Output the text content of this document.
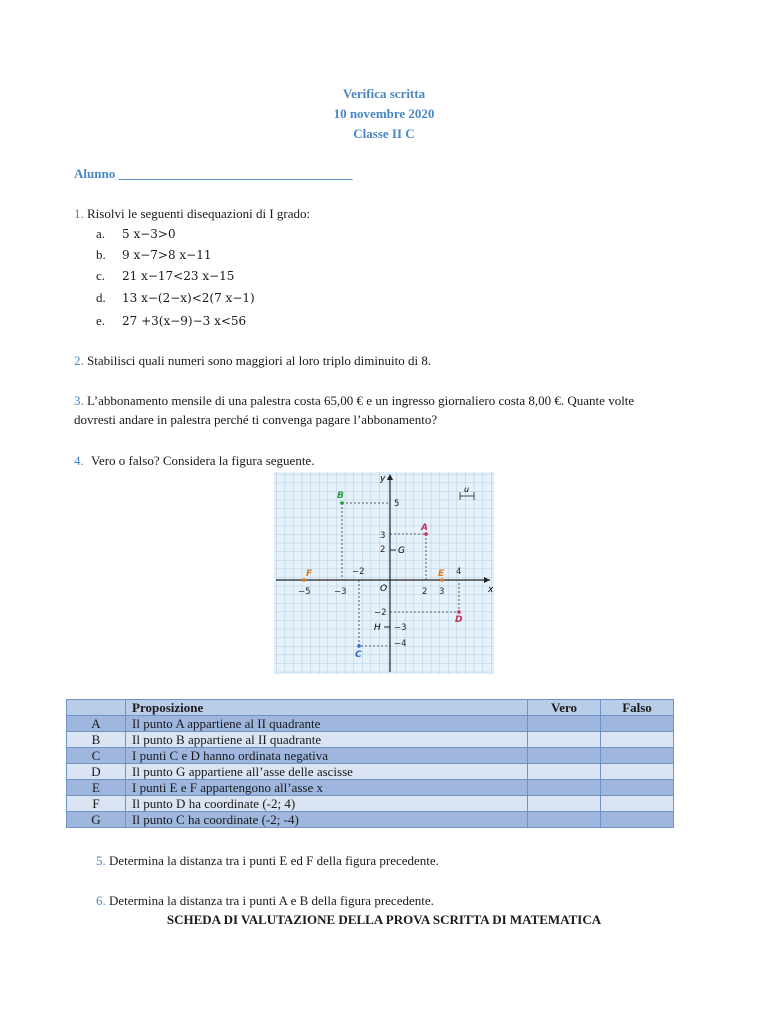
Verifica scritta
10 novembre 2020
Classe II C
Alunno ____________________________________
1. Risolvi le seguenti disequazioni di I grado:
a. 5 x−3>0
b. 9 x−7>8 x−11
c. 21 x−17<23 x−15
d. 13 x−(2−x)<2(7 x−1)
e. 27 +3(x−9)−3 x<56
2. Stabilisci quali numeri sono maggiori al loro triplo diminuito di 8.
3. L’abbonamento mensile di una palestra costa 65,00 € e un ingresso giornaliero costa 8,00 €. Quante volte
dovresti andare in palestra perché ti convenga pagare l’abbonamento?
4. Vero o falso? Considera la figura seguente.
x
y
O
u
5
3
2
2 3
4
−2
−3
−5
−2
−3
−4
A
B
C
D
E
F
G
H
	Proposizione	Vero	Falso
A	Il punto A appartiene al II quadrante		
B	Il punto B appartiene al II quadrante		
C	I punti C e D hanno ordinata negativa		
D	Il punto G appartiene all’asse delle ascisse		
E	I punti E e F appartengono all’asse x		
F	Il punto D ha coordinate (-2; 4)		
G	Il punto C ha coordinate (-2; -4)		
5. Determina la distanza tra i punti E ed F della figura precedente.
6. Determina la distanza tra i punti A e B della figura precedente.
SCHEDA DI VALUTAZIONE DELLA PROVA SCRITTA DI MATEMATICA
